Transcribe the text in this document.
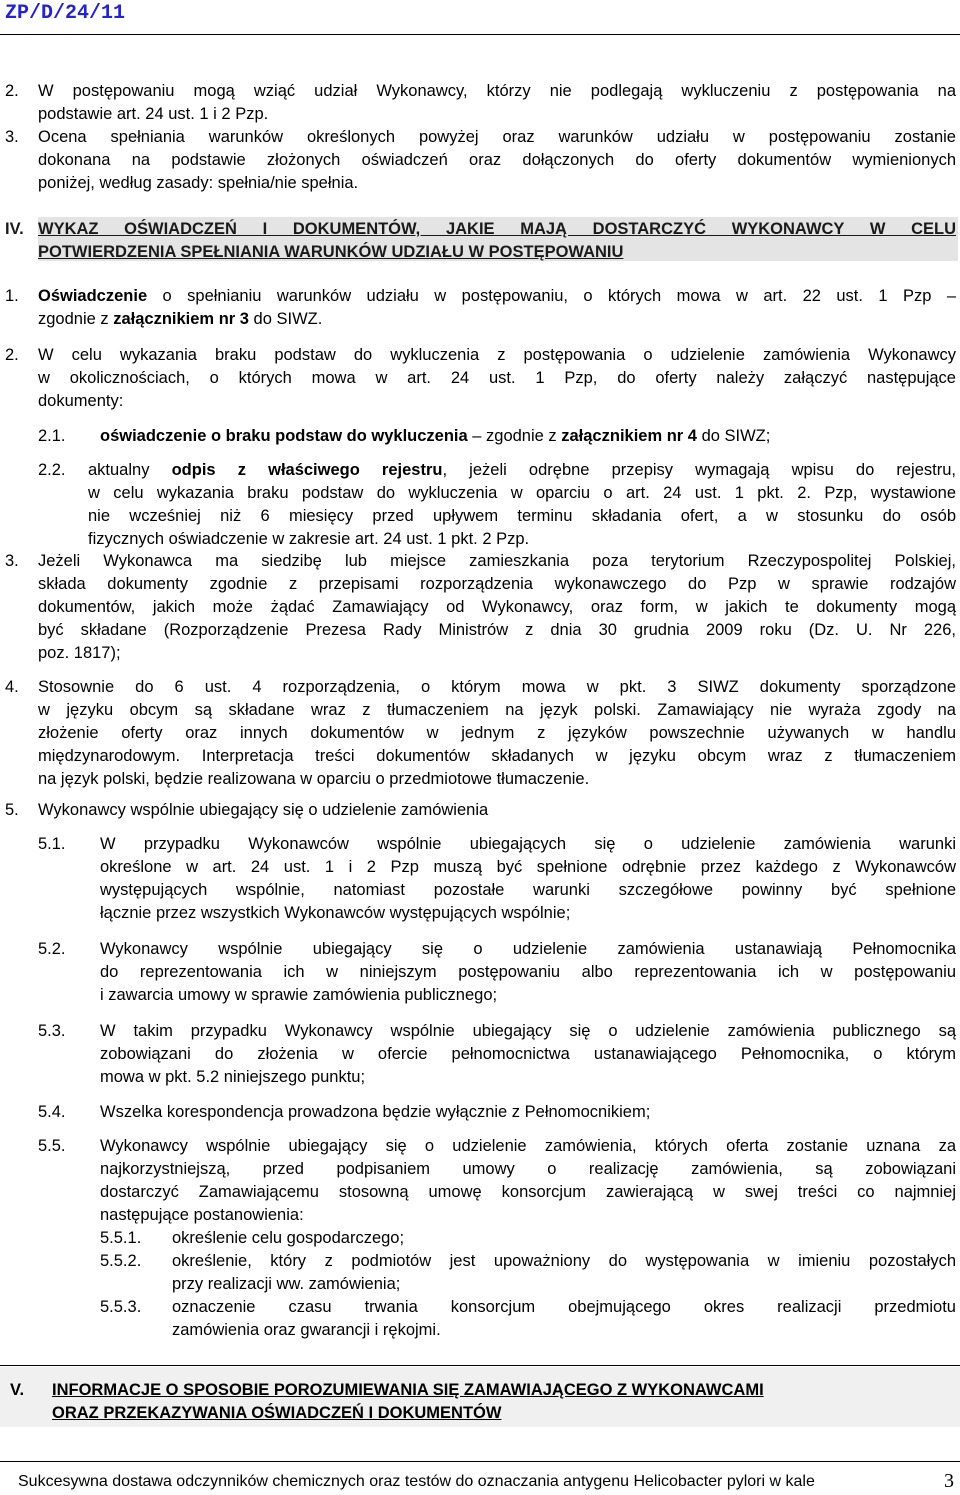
ZP/D/24/11
2. W postępowaniu mogą wziąć udział Wykonawcy, którzy nie podlegają wykluczeniu z postępowania na
podstawie art. 24 ust. 1 i 2 Pzp.
3. Ocena spełniania warunków określonych powyżej oraz warunków udziału w postępowaniu zostanie
dokonana na podstawie złożonych oświadczeń oraz dołączonych do oferty dokumentów wymienionych
poniżej, według zasady: spełnia/nie spełnia.
IV. WYKAZ OŚWIADCZEŃ I DOKUMENTÓW, JAKIE MAJĄ DOSTARCZYĆ WYKONAWCY W CELU
POTWIERDZENIA SPEŁNIANIA WARUNKÓW UDZIAŁU W POSTĘPOWANIU
1. Oświadczenie o spełnianiu warunków udziału w postępowaniu, o których mowa w art. 22 ust. 1 Pzp –
zgodnie z załącznikiem nr 3 do SIWZ.
2. W celu wykazania braku podstaw do wykluczenia z postępowania o udzielenie zamówienia Wykonawcy
w okolicznościach, o których mowa w art. 24 ust. 1 Pzp, do oferty należy załączyć następujące
dokumenty:
2.1. oświadczenie o braku podstaw do wykluczenia – zgodnie z załącznikiem nr 4 do SIWZ;
2.2. aktualny odpis z właściwego rejestru, jeżeli odrębne przepisy wymagają wpisu do rejestru,
w celu wykazania braku podstaw do wykluczenia w oparciu o art. 24 ust. 1 pkt. 2. Pzp, wystawione
nie wcześniej niż 6 miesięcy przed upływem terminu składania ofert, a w stosunku do osób
fizycznych oświadczenie w zakresie art. 24 ust. 1 pkt. 2 Pzp.
3. Jeżeli Wykonawca ma siedzibę lub miejsce zamieszkania poza terytorium Rzeczypospolitej Polskiej,
składa dokumenty zgodnie z przepisami rozporządzenia wykonawczego do Pzp w sprawie rodzajów
dokumentów, jakich może żądać Zamawiający od Wykonawcy, oraz form, w jakich te dokumenty mogą
być składane (Rozporządzenie Prezesa Rady Ministrów z dnia 30 grudnia 2009 roku (Dz. U. Nr 226,
poz. 1817);
4. Stosownie do 6 ust. 4 rozporządzenia, o którym mowa w pkt. 3 SIWZ dokumenty sporządzone
w języku obcym są składane wraz z tłumaczeniem na język polski. Zamawiający nie wyraża zgody na
złożenie oferty oraz innych dokumentów w jednym z języków powszechnie używanych w handlu
międzynarodowym. Interpretacja treści dokumentów składanych w języku obcym wraz z tłumaczeniem
na język polski, będzie realizowana w oparciu o przedmiotowe tłumaczenie.
5. Wykonawcy wspólnie ubiegający się o udzielenie zamówienia
5.1. W przypadku Wykonawców wspólnie ubiegających się o udzielenie zamówienia warunki
określone w art. 24 ust. 1 i 2 Pzp muszą być spełnione odrębnie przez każdego z Wykonawców
występujących wspólnie, natomiast pozostałe warunki szczegółowe powinny być spełnione
łącznie przez wszystkich Wykonawców występujących wspólnie;
5.2. Wykonawcy wspólnie ubiegający się o udzielenie zamówienia ustanawiają Pełnomocnika
do reprezentowania ich w niniejszym postępowaniu albo reprezentowania ich w postępowaniu
i zawarcia umowy w sprawie zamówienia publicznego;
5.3. W takim przypadku Wykonawcy wspólnie ubiegający się o udzielenie zamówienia publicznego są
zobowiązani do złożenia w ofercie pełnomocnictwa ustanawiającego Pełnomocnika, o którym
mowa w pkt. 5.2 niniejszego punktu;
5.4. Wszelka korespondencja prowadzona będzie wyłącznie z Pełnomocnikiem;
5.5. Wykonawcy wspólnie ubiegający się o udzielenie zamówienia, których oferta zostanie uznana za
najkorzystniejszą, przed podpisaniem umowy o realizację zamówienia, są zobowiązani
dostarczyć Zamawiającemu stosowną umowę konsorcjum zawierającą w swej treści co najmniej
następujące postanowienia:
5.5.1. określenie celu gospodarczego;
5.5.2. określenie, który z podmiotów jest upoważniony do występowania w imieniu pozostałych
przy realizacji ww. zamówienia;
5.5.3. oznaczenie czasu trwania konsorcjum obejmującego okres realizacji przedmiotu
zamówienia oraz gwarancji i rękojmi.
V. INFORMACJE O SPOSOBIE POROZUMIEWANIA SIĘ ZAMAWIAJĄCEGO Z WYKONAWCAMI
ORAZ PRZEKAZYWANIA OŚWIADCZEŃ I DOKUMENTÓW
Sukcesywna dostawa odczynników chemicznych oraz testów do oznaczania antygenu Helicobacter pylori w kale	3
